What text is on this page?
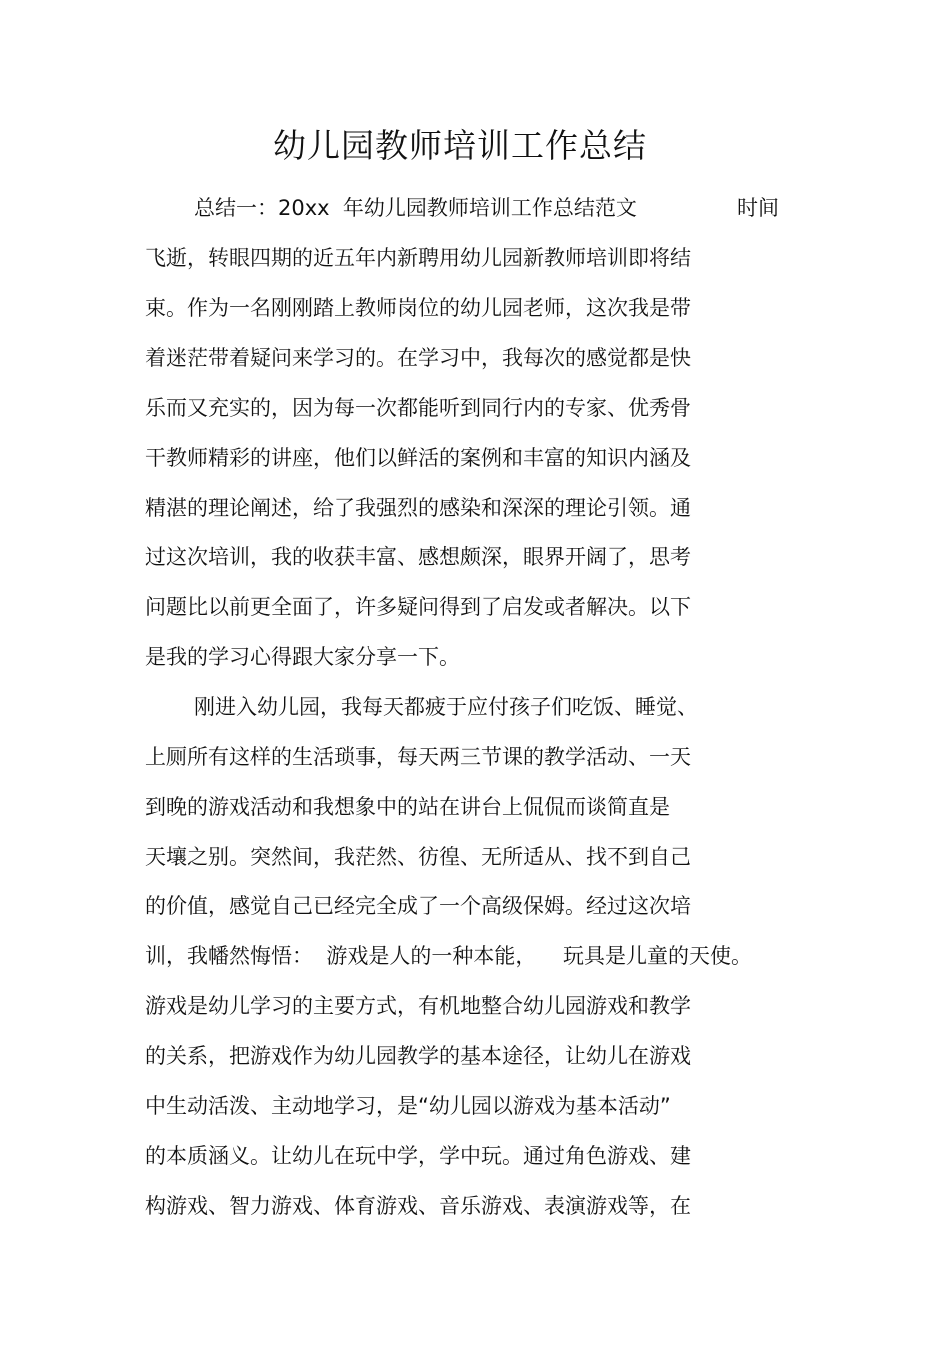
幼儿园教师培训工作总结

总结一：20xx  年幼儿园教师培训工作总结范文               时间

飞逝，转眼四期的近五年内新聘用幼儿园新教师培训即将结

束。作为一名刚刚踏上教师岗位的幼儿园老师，这次我是带

着迷茫带着疑问来学习的。在学习中，我每次的感觉都是快

乐而又充实的，因为每一次都能听到同行内的专家、优秀骨

干教师精彩的讲座，他们以鲜活的案例和丰富的知识内涵及

精湛的理论阐述，给了我强烈的感染和深深的理论引领。通

过这次培训，我的收获丰富、感想颇深，眼界开阔了，思考

问题比以前更全面了，许多疑问得到了启发或者解决。以下

是我的学习心得跟大家分享一下。

刚进入幼儿园，我每天都疲于应付孩子们吃饭、睡觉、

上厕所有这样的生活琐事，每天两三节课的教学活动、一天

到晚的游戏活动和我想象中的站在讲台上侃侃而谈简直是

天壤之别。突然间，我茫然、彷徨、无所适从、找不到自己

的价值，感觉自己已经完全成了一个高级保姆。经过这次培

训，我幡然悔悟：  游戏是人的一种本能，    玩具是儿童的天使。

游戏是幼儿学习的主要方式，有机地整合幼儿园游戏和教学

的关系，把游戏作为幼儿园教学的基本途径，让幼儿在游戏

中生动活泼、主动地学习，是“幼儿园以游戏为基本活动”

的本质涵义。让幼儿在玩中学，学中玩。通过角色游戏、建

构游戏、智力游戏、体育游戏、音乐游戏、表演游戏等，在
